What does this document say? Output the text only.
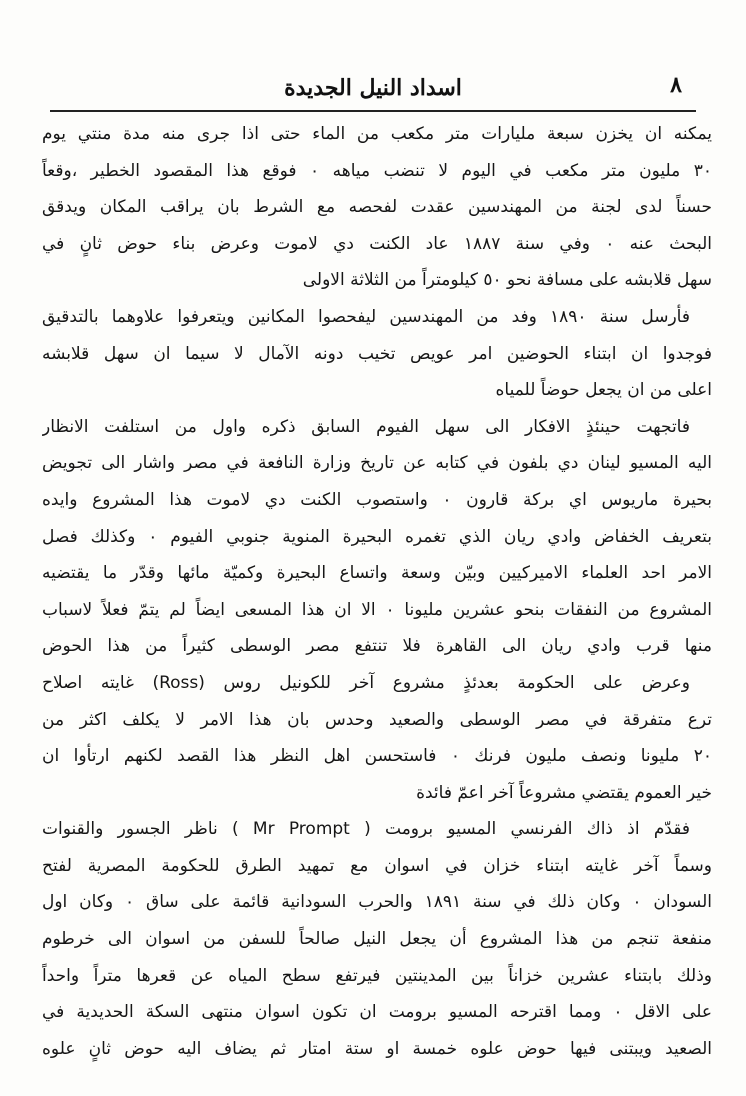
اسداد النيل الجديدة	٨
يمكنه ان يخزن سبعة مليارات متر مكعب من الماء حتى اذا جرى منه مدة منتي يوم
٣٠ مليون متر مكعب في اليوم لا تنضب مياهه ٠ فوقع هذا المقصود الخطير ،وقعاً
حسناً لدى لجنة من المهندسين عقدت لفحصه مع الشرط بان يراقب المكان ويدقق
البحث عنه ٠ وفي سنة ١٨٨٧ عاد الكنت دي لاموت وعرض بناء حوض ثانٍ في
سهل قلابشه على مسافة نحو ٥٠ كيلومتراً من الثلاثة الاولى
فأرسل سنة ١٨٩٠ وفد من المهندسين ليفحصوا المكانين ويتعرفوا علاوهما بالتدقيق
فوجدوا ان ابتناء الحوضين امر عويص تخيب دونه الآمال لا سيما ان سهل قلابشه
اعلى من ان يجعل حوضاً للمياه
فاتجهت حينئذٍ الافكار الى سهل الفيوم السابق ذكره واول من استلفت الانظار
اليه المسيو لينان دي بلفون في كتابه عن تاريخ وزارة النافعة في مصر واشار الى تجويض
بحيرة ماريوس اي بركة قارون ٠ واستصوب الكنت دي لاموت هذا المشروع وايده
بتعريف الخفاض وادي ريان الذي تغمره البحيرة المنوية جنوبي الفيوم ٠ وكذلك فصل
الامر احد العلماء الاميركيين وبيّن وسعة واتساع البحيرة وكميّة مائها وقدّر ما يقتضيه
المشروع من النفقات بنحو عشرين مليونا ٠ الا ان هذا المسعى ايضاً لم يتمّ فعلاً لاسباب
منها قرب وادي ريان الى القاهرة فلا تنتفع مصر الوسطى كثيراً من هذا الحوض
وعرض على الحكومة بعدئذٍ مشروع آخر للكونيل روس (Ross) غايته اصلاح
ترع متفرقة في مصر الوسطى والصعيد وحدس بان هذا الامر لا يكلف اكثر من
٢٠ مليونا ونصف مليون فرنك ٠ فاستحسن اهل النظر هذا القصد لكنهم ارتأوا ان
خير العموم يقتضي مشروعاً آخر اعمّ فائدة
فقدّم اذ ذاك الفرنسي المسيو برومت ( Mr Prompt ) ناظر الجسور والقنوات
وسماً آخر غايته ابتناء خزان في اسوان مع تمهيد الطرق للحكومة المصرية لفتح
السودان ٠ وكان ذلك في سنة ١٨٩١ والحرب السودانية قائمة على ساق ٠ وكان اول
منفعة تنجم من هذا المشروع أن يجعل النيل صالحاً للسفن من اسوان الى خرطوم
وذلك بابتناء عشرين خزاناً بين المدينتين فيرتفع سطح المياه عن قعرها متراً واحداً
على الاقل ٠ ومما اقترحه المسيو برومت ان تكون اسوان منتهى السكة الحديدية في
الصعيد ويبتنى فيها حوض علوه خمسة او ستة امتار ثم يضاف اليه حوض ثانٍ علوه
